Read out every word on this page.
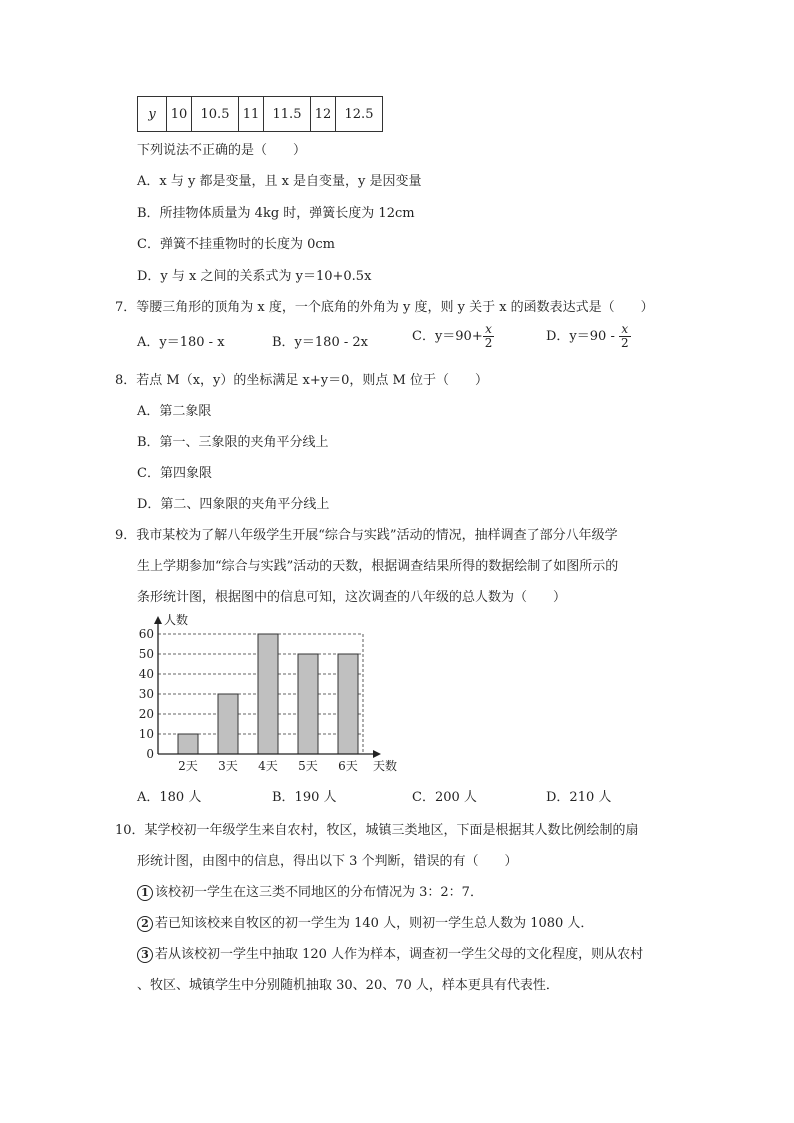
y	10	10.5	11	11.5	12	12.5
下列说法不正确的是（　　）
A．x 与 y 都是变量，且 x 是自变量，y 是因变量
B．所挂物体质量为 4kg 时，弹簧长度为 12cm
C．弹簧不挂重物时的长度为 0cm
D．y 与 x 之间的关系式为 y＝10+0.5x
7．等腰三角形的顶角为 x 度，一个底角的外角为 y 度，则 y 关于 x 的函数表达式是（　　）
A．y＝180 - x	B．y＝180 - 2x	C．$y=90+ \frac{x}{2}$	D．$y=90 - \frac{x}{2}$
8．若点 M（x，y）的坐标满足 x+y＝0，则点 M 位于（　　）
A．第二象限
B．第一、三象限的夹角平分线上
C．第四象限
D．第二、四象限的夹角平分线上
9．我市某校为了解八年级学生开展“综合与实践”活动的情况，抽样调查了部分八年级学
生上学期参加“综合与实践”活动的天数，根据调查结果所得的数据绘制了如图所示的
条形统计图，根据图中的信息可知，这次调查的八年级的总人数为（　　）
0
10
20
30
40
50
60
2天 3天 4天 5天 6天
人数
天数
A．180 人	B．190 人	C．200 人	D．210 人
10．某学校初一年级学生来自农村，牧区，城镇三类地区，下面是根据其人数比例绘制的扇
形统计图，由图中的信息，得出以下 3 个判断，错误的有（　　）
1 该校初一学生在这三类不同地区的分布情况为 3：2：7．
2 若已知该校来自牧区的初一学生为 140 人，则初一学生总人数为 1080 人．
3 若从该校初一学生中抽取 120 人作为样本，调查初一学生父母的文化程度，则从农村
、牧区、城镇学生中分别随机抽取 30、20、70 人，样本更具有代表性．
